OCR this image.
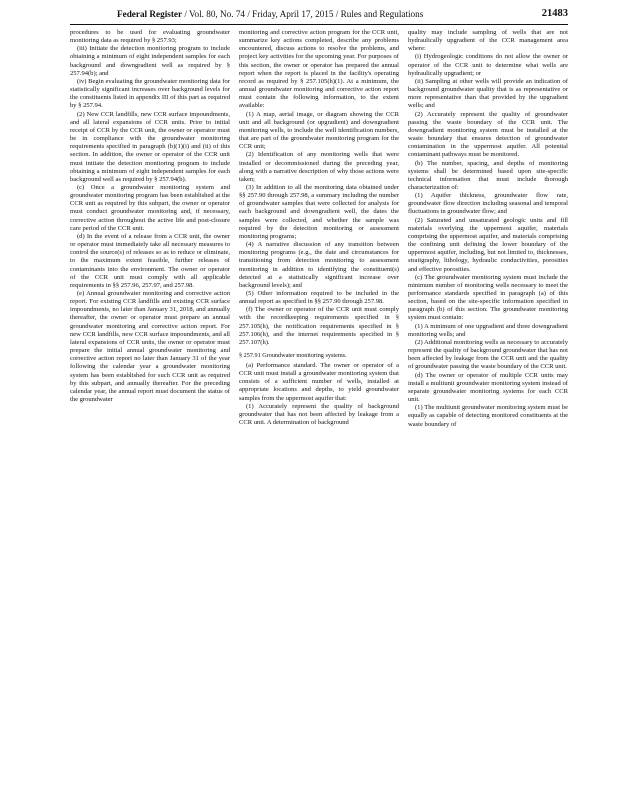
Federal Register / Vol. 80, No. 74 / Friday, April 17, 2015 / Rules and Regulations	21483

procedures to be used for evaluating groundwater monitoring data as required by § 257.93;

(iii) Initiate the detection monitoring program to include obtaining a minimum of eight independent samples for each background and downgradient well as required by § 257.94(b); and

(iv) Begin evaluating the groundwater monitoring data for statistically significant increases over background levels for the constituents listed in appendix III of this part as required by § 257.94.

(2) New CCR landfills, new CCR surface impoundments, and all lateral expansions of CCR units. Prior to initial receipt of CCR by the CCR unit, the owner or operator must be in compliance with the groundwater monitoring requirements specified in paragraph (b)(1)(i) and (ii) of this section. In addition, the owner or operator of the CCR unit must initiate the detection monitoring program to include obtaining a minimum of eight independent samples for each background well as required by § 257.94(b).

(c) Once a groundwater monitoring system and groundwater monitoring program has been established at the CCR unit as required by this subpart, the owner or operator must conduct groundwater monitoring and, if necessary, corrective action throughout the active life and post-closure care period of the CCR unit.

(d) In the event of a release from a CCR unit, the owner or operator must immediately take all necessary measures to control the source(s) of releases so as to reduce or eliminate, to the maximum extent feasible, further releases of contaminants into the environment. The owner or operator of the CCR unit must comply with all applicable requirements in §§ 257.96, 257.97, and 257.98.

(e) Annual groundwater monitoring and corrective action report. For existing CCR landfills and existing CCR surface impoundments, no later than January 31, 2018, and annually thereafter, the owner or operator must prepare an annual groundwater monitoring and corrective action report. For new CCR landfills, new CCR surface impoundments, and all lateral expansions of CCR units, the owner or operator must prepare the initial annual groundwater monitoring and corrective action report no later than January 31 of the year following the calendar year a groundwater monitoring system has been established for such CCR unit as required by this subpart, and annually thereafter. For the preceding calendar year, the annual report must document the status of the groundwater

monitoring and corrective action program for the CCR unit, summarize key actions completed, describe any problems encountered, discuss actions to resolve the problems, and project key activities for the upcoming year. For purposes of this section, the owner or operator has prepared the annual report when the report is placed in the facility's operating record as required by § 257.105(h)(1). At a minimum, the annual groundwater monitoring and corrective action report must contain the following information, to the extent available:

(1) A map, aerial image, or diagram showing the CCR unit and all background (or upgradient) and downgradient monitoring wells, to include the well identification numbers, that are part of the groundwater monitoring program for the CCR unit;

(2) Identification of any monitoring wells that were installed or decommissioned during the preceding year, along with a narrative description of why those actions were taken;

(3) In addition to all the monitoring data obtained under §§ 257.90 through 257.98, a summary including the number of groundwater samples that were collected for analysis for each background and downgradient well, the dates the samples were collected, and whether the sample was required by the detection monitoring or assessment monitoring programs;

(4) A narrative discussion of any transition between monitoring programs (e.g., the date and circumstances for transitioning from detection monitoring to assessment monitoring in addition to identifying the constituent(s) detected at a statistically significant increase over background levels); and

(5) Other information required to be included in the annual report as specified in §§ 257.90 through 257.98.

(f) The owner or operator of the CCR unit must comply with the recordkeeping requirements specified in § 257.105(h), the notification requirements specified in § 257.106(h), and the internet requirements specified in § 257.107(h).

§ 257.91 Groundwater monitoring systems.

(a) Performance standard. The owner or operator of a CCR unit must install a groundwater monitoring system that consists of a sufficient number of wells, installed at appropriate locations and depths, to yield groundwater samples from the uppermost aquifer that:

(1) Accurately represent the quality of background groundwater that has not been affected by leakage from a CCR unit. A determination of background

quality may include sampling of wells that are not hydraulically upgradient of the CCR management area where:

(i) Hydrogeologic conditions do not allow the owner or operator of the CCR unit to determine what wells are hydraulically upgradient; or

(ii) Sampling at other wells will provide an indication of background groundwater quality that is as representative or more representative than that provided by the upgradient wells; and

(2) Accurately represent the quality of groundwater passing the waste boundary of the CCR unit. The downgradient monitoring system must be installed at the waste boundary that ensures detection of groundwater contamination in the uppermost aquifer. All potential contaminant pathways must be monitored.

(b) The number, spacing, and depths of monitoring systems shall be determined based upon site-specific technical information that must include thorough characterization of:

(1) Aquifer thickness, groundwater flow rate, groundwater flow direction including seasonal and temporal fluctuations in groundwater flow; and

(2) Saturated and unsaturated geologic units and fill materials overlying the uppermost aquifer, materials comprising the uppermost aquifer, and materials comprising the confining unit defining the lower boundary of the uppermost aquifer, including, but not limited to, thicknesses, stratigraphy, lithology, hydraulic conductivities, porosities and effective porosities.

(c) The groundwater monitoring system must include the minimum number of monitoring wells necessary to meet the performance standards specified in paragraph (a) of this section, based on the site-specific information specified in paragraph (b) of this section. The groundwater monitoring system must contain:

(1) A minimum of one upgradient and three downgradient monitoring wells; and

(2) Additional monitoring wells as necessary to accurately represent the quality of background groundwater that has not been affected by leakage from the CCR unit and the quality of groundwater passing the waste boundary of the CCR unit.

(d) The owner or operator of multiple CCR units may install a multiunit groundwater monitoring system instead of separate groundwater monitoring systems for each CCR unit.

(1) The multiunit groundwater monitoring system must be equally as capable of detecting monitored constituents at the waste boundary of
